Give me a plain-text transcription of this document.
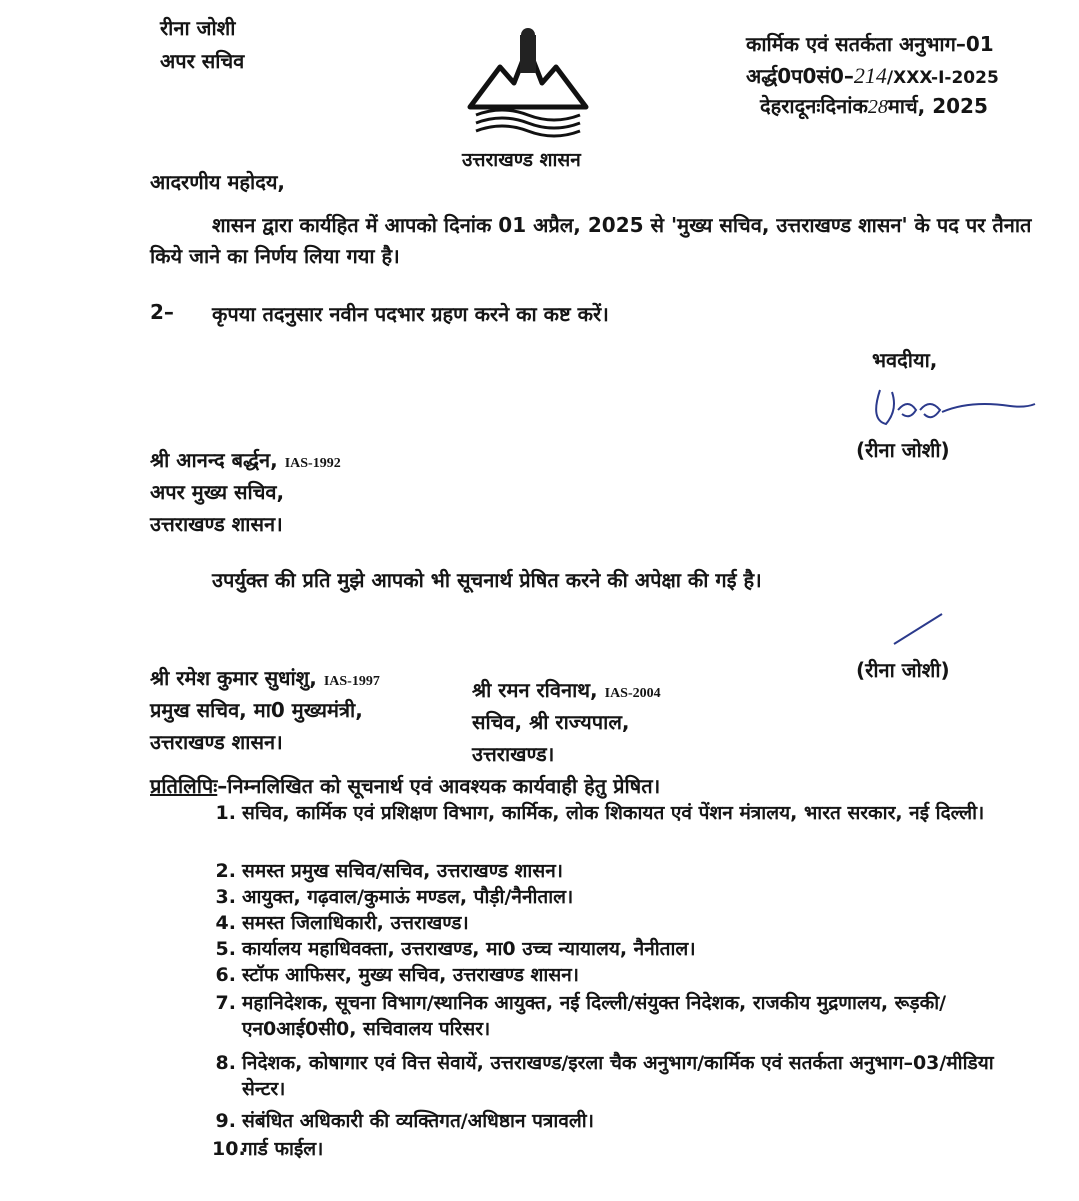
रीना जोशी
अपर सचिव
उत्तराखण्ड शासन
कार्मिक एवं सतर्कता अनुभाग–01
अर्द्ध0प0सं0–214/XXX-I-2025
देहरादूनःदिनांक28मार्च, 2025
आदरणीय महोदय,
शासन द्वारा कार्यहित में आपको दिनांक 01 अप्रैल, 2025 से 'मुख्य सचिव, उत्तराखण्ड शासन' के पद पर तैनात किये जाने का निर्णय लिया गया है।
2– कृपया तदनुसार नवीन पदभार ग्रहण करने का कष्ट करें।
भवदीया,
(रीना जोशी)
श्री आनन्द बर्द्धन, IAS-1992
अपर मुख्य सचिव,
उत्तराखण्ड शासन।
उपर्युक्त की प्रति मुझे आपको भी सूचनार्थ प्रेषित करने की अपेक्षा की गई है।
(रीना जोशी)
श्री रमेश कुमार सुधांशु, IAS-1997
प्रमुख सचिव, मा0 मुख्यमंत्री,
उत्तराखण्ड शासन।
श्री रमन रविनाथ, IAS-2004
सचिव, श्री राज्यपाल,
उत्तराखण्ड।
प्रतिलिपिः–निम्नलिखित को सूचनार्थ एवं आवश्यक कार्यवाही हेतु प्रेषित।
1. सचिव, कार्मिक एवं प्रशिक्षण विभाग, कार्मिक, लोक शिकायत एवं पेंशन मंत्रालय, भारत सरकार, नई दिल्ली।
2. समस्त प्रमुख सचिव/सचिव, उत्तराखण्ड शासन।
3. आयुक्त, गढ़वाल/कुमाऊं मण्डल, पौड़ी/नैनीताल।
4. समस्त जिलाधिकारी, उत्तराखण्ड।
5. कार्यालय महाधिवक्ता, उत्तराखण्ड, मा0 उच्च न्यायालय, नैनीताल।
6. स्टॉफ आफिसर, मुख्य सचिव, उत्तराखण्ड शासन।
7. महानिदेशक, सूचना विभाग/स्थानिक आयुक्त, नई दिल्ली/संयुक्त निदेशक, राजकीय मुद्रणालय, रूड़की/एन0आई0सी0, सचिवालय परिसर।
8. निदेशक, कोषागार एवं वित्त सेवायें, उत्तराखण्ड/इरला चैक अनुभाग/कार्मिक एवं सतर्कता अनुभाग–03/मीडिया सेन्टर।
9. संबंधित अधिकारी की व्यक्तिगत/अधिष्ठान पत्रावली।
10.
गार्ड फाईल।
